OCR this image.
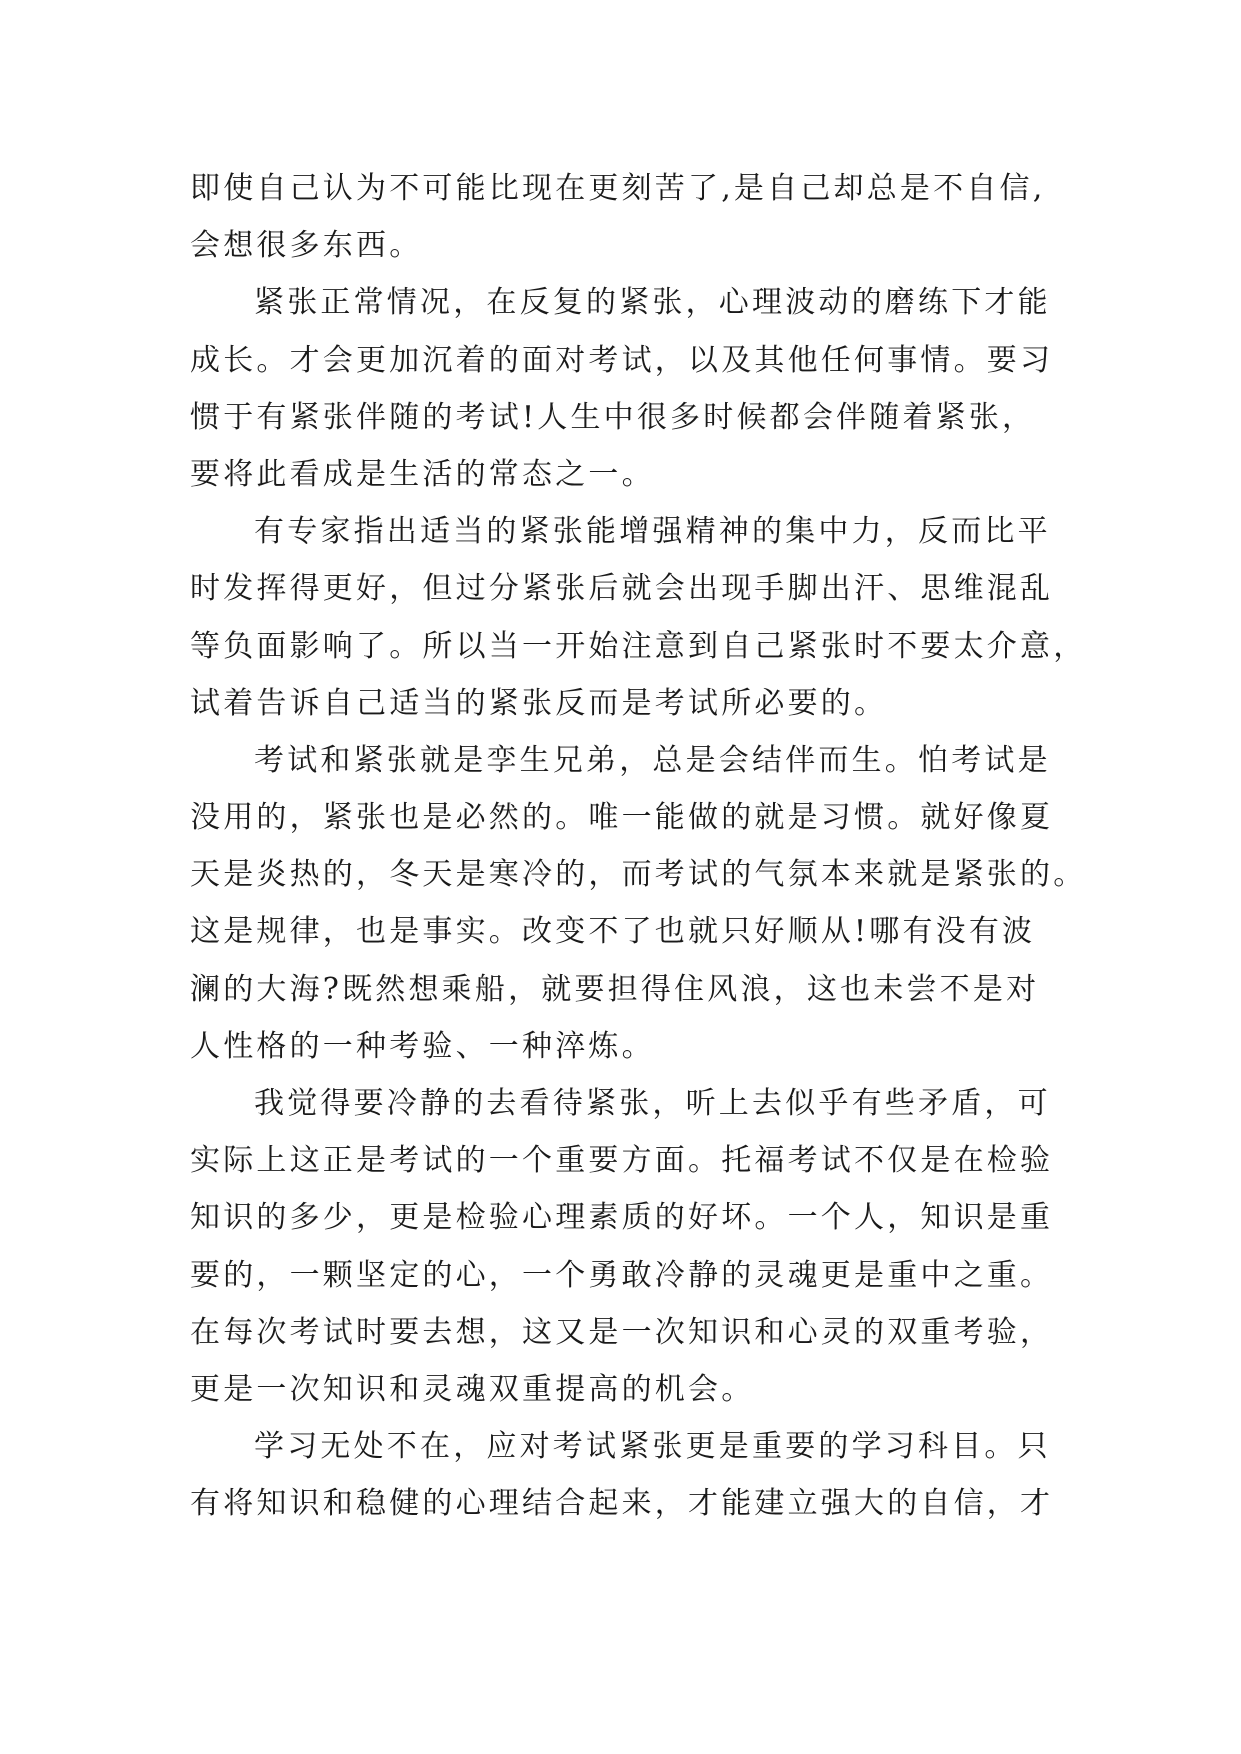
即使自己认为不可能比现在更刻苦了,是自己却总是不自信,
会想很多东西。
紧张正常情况，在反复的紧张，心理波动的磨练下才能
成长。才会更加沉着的面对考试，以及其他任何事情。要习
惯于有紧张伴随的考试!人生中很多时候都会伴随着紧张，
要将此看成是生活的常态之一。
有专家指出适当的紧张能增强精神的集中力，反而比平
时发挥得更好，但过分紧张后就会出现手脚出汗、思维混乱
等负面影响了。所以当一开始注意到自己紧张时不要太介意，
试着告诉自己适当的紧张反而是考试所必要的。
考试和紧张就是孪生兄弟，总是会结伴而生。怕考试是
没用的，紧张也是必然的。唯一能做的就是习惯。就好像夏
天是炎热的，冬天是寒冷的，而考试的气氛本来就是紧张的。
这是规律，也是事实。改变不了也就只好顺从!哪有没有波
澜的大海?既然想乘船，就要担得住风浪，这也未尝不是对
人性格的一种考验、一种淬炼。
我觉得要冷静的去看待紧张，听上去似乎有些矛盾，可
实际上这正是考试的一个重要方面。托福考试不仅是在检验
知识的多少，更是检验心理素质的好坏。一个人，知识是重
要的，一颗坚定的心，一个勇敢冷静的灵魂更是重中之重。
在每次考试时要去想，这又是一次知识和心灵的双重考验，
更是一次知识和灵魂双重提高的机会。
学习无处不在，应对考试紧张更是重要的学习科目。只
有将知识和稳健的心理结合起来，才能建立强大的自信，才
